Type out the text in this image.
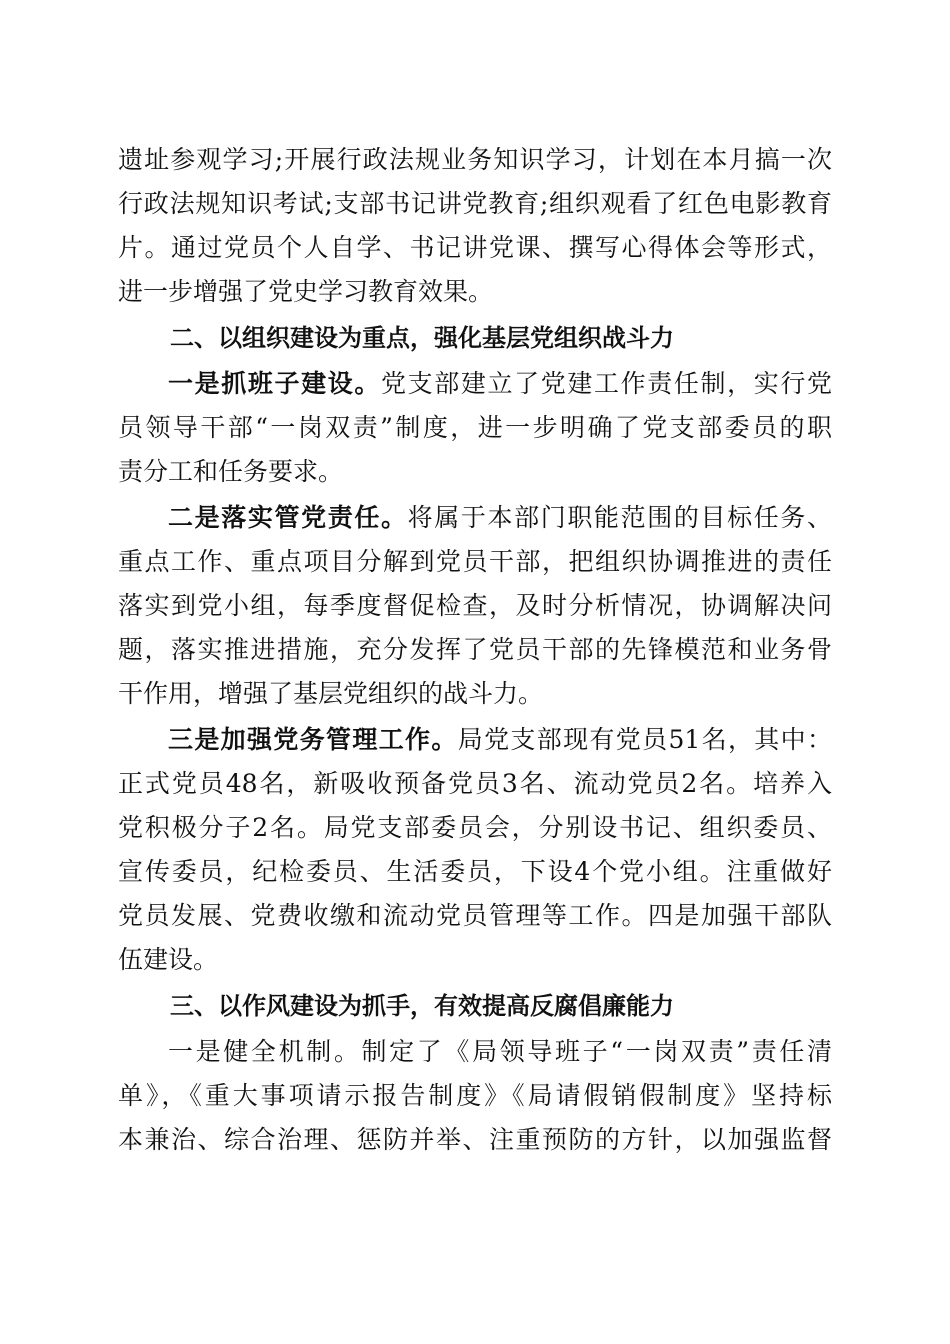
遗址参观学习;开展行政法规业务知识学习，计划在本月搞一次
行政法规知识考试;支部书记讲党教育;组织观看了红色电影教育
片。通过党员个人自学、书记讲党课、撰写心得体会等形式，
进一步增强了党史学习教育效果。
二、以组织建设为重点，强化基层党组织战斗力
一是抓班子建设。党支部建立了党建工作责任制，实行党
员领导干部“一岗双责”制度，进一步明确了党支部委员的职
责分工和任务要求。
二是落实管党责任。将属于本部门职能范围的目标任务、
重点工作、重点项目分解到党员干部，把组织协调推进的责任
落实到党小组，每季度督促检查，及时分析情况，协调解决问
题，落实推进措施，充分发挥了党员干部的先锋模范和业务骨
干作用，增强了基层党组织的战斗力。
三是加强党务管理工作。局党支部现有党员51名，其中：
正式党员48名，新吸收预备党员3名、流动党员2名。培养入
党积极分子2名。局党支部委员会，分别设书记、组织委员、
宣传委员，纪检委员、生活委员，下设4个党小组。注重做好
党员发展、党费收缴和流动党员管理等工作。四是加强干部队
伍建设。
三、以作风建设为抓手，有效提高反腐倡廉能力
一是健全机制。制定了《局领导班子“一岗双责”责任清
单》，《重大事项请示报告制度》《局请假销假制度》坚持标
本兼治、综合治理、惩防并举、注重预防的方针，以加强监督
